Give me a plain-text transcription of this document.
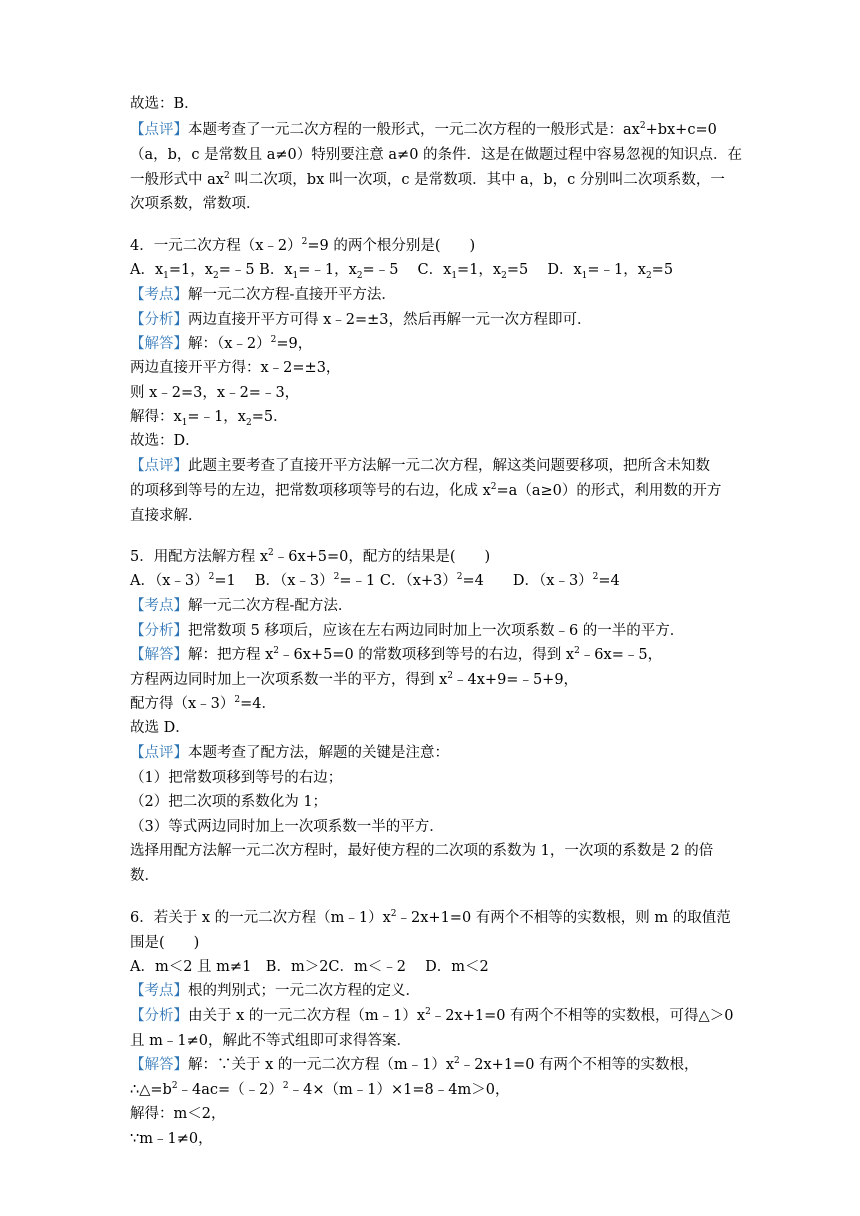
故选：B．
【点评】本题考查了一元二次方程的一般形式，一元二次方程的一般形式是：$ax^2+bx+c=0$
（a，b，c 是常数且 a≠0）特别要注意 a≠0 的条件．这是在做题过程中容易忽视的知识点．在
一般形式中 $ax^2$ 叫二次项，bx 叫一次项，c 是常数项．其中 a，b，c 分别叫二次项系数，一
次项系数，常数项．
4．一元二次方程（x﹣2）$^2$=9 的两个根分别是(　　)
A．$x_1=1$，$x_2=﹣5$ B．$x_1=﹣1$，$x_2=﹣5$　 C．$x_1=1$，$x_2=5$　 D．$x_1=﹣1$，$x_2=5$
【考点】解一元二次方程-直接开平方法．
【分析】两边直接开平方可得 x﹣2=±3，然后再解一元一次方程即可．
【解答】解：（x﹣2）$^2$=9，
两边直接开平方得：x﹣2=±3，
则 x﹣2=3，x﹣2=﹣3，
解得：$x_1=﹣1$，$x_2=5$．
故选：D．
【点评】此题主要考查了直接开平方法解一元二次方程，解这类问题要移项，把所含未知数
的项移到等号的左边，把常数项移项等号的右边，化成 $x^2=a(a\ge 0)$的形式，利用数的开方
直接求解．
5．用配方法解方程 $x^2﹣6x+5=0$，配方的结果是(　　)
A．（x﹣3）$^2$=1　 B．（x﹣3）$^2$=﹣1 C．$(x+3)^2=4$　　D．（x﹣3）$^2$=4
【考点】解一元二次方程-配方法．
【分析】把常数项 5 移项后，应该在左右两边同时加上一次项系数﹣6 的一半的平方．
【解答】解：把方程 $x^2﹣6x+5=0$ 的常数项移到等号的右边，得到 $x^2﹣6x=﹣5$，
方程两边同时加上一次项系数一半的平方，得到 $x^2﹣4x+9=﹣5+9$，
配方得（x﹣3）$^2$=4．
故选 D．
【点评】本题考查了配方法，解题的关键是注意：
（1）把常数项移到等号的右边；
（2）把二次项的系数化为 1；
（3）等式两边同时加上一次项系数一半的平方．
选择用配方法解一元二次方程时，最好使方程的二次项的系数为 1，一次项的系数是 2 的倍
数．
6．若关于 x 的一元二次方程$(m﹣1)x^2﹣2x+1=0$ 有两个不相等的实数根，则 m 的取值范
围是(　　)
A．m＜2 且 m≠1　B．m＞2C．m＜﹣2　 D．m＜2
【考点】根的判别式；一元二次方程的定义．
【分析】由关于 x 的一元二次方程$(m﹣1)x^2﹣2x+1=0$ 有两个不相等的实数根，可得△＞0
且 m﹣1≠0，解此不等式组即可求得答案．
【解答】解：∵关于 x 的一元二次方程$(m﹣1)x^2﹣2x+1=0$ 有两个不相等的实数根，
$\therefore\triangle=b^2﹣4ac=(﹣2)^2﹣4\times(m﹣1)\times 1=8﹣4m>0$，
解得：m＜2，
∵m﹣1≠0，
